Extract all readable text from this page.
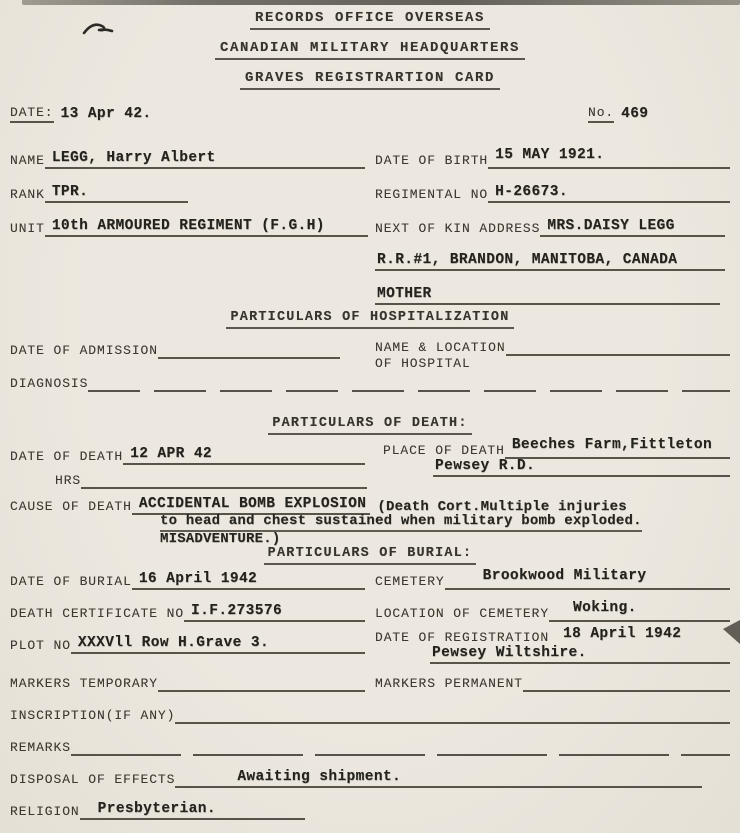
RECORDS OFFICE OVERSEAS
CANADIAN MILITARY HEADQUARTERS
GRAVES REGISTRARTION CARD
DATE: 13 Apr 42.	No. 469
NAME LEGG, Harry Albert	DATE OF BIRTH 15 MAY 1921.
RANK TPR.	REGIMENTAL NO H-26673.
UNIT 10th ARMOURED REGIMENT (F.G.H)	NEXT OF KIN ADDRESS MRS.DAISY LEGG
R.R.#1, BRANDON, MANITOBA, CANADA
MOTHER
PARTICULARS OF HOSPITALIZATION
DATE OF ADMISSION	NAME & LOCATION
OF HOSPITAL
DIAGNOSIS
PARTICULARS OF DEATH:
DATE OF DEATH 12 APR 42	PLACE OF DEATH Beeches Farm,Fittleton
Pewsey R.D.
HRS
CAUSE OF DEATH ACCIDENTAL BOMB EXPLOSION (Death Cort.Multiple injuries
to head and chest sustained when military bomb exploded.
MISADVENTURE.)
PARTICULARS OF BURIAL:
DATE OF BURIAL 16 April 1942	CEMETERY	Brookwood Military
DEATH CERTIFICATE NO I.F.273576	LOCATION OF CEMETERY Woking.
PLOT NO XXXVll Row H.Grave 3.	DATE OF REGISTRATION 18 April 1942
Pewsey Wiltshire.
MARKERS TEMPORARY	MARKERS PERMANENT
INSCRIPTION(IF ANY)
REMARKS
DISPOSAL OF EFFECTS	Awaiting shipment.
RELIGION Presbyterian.
